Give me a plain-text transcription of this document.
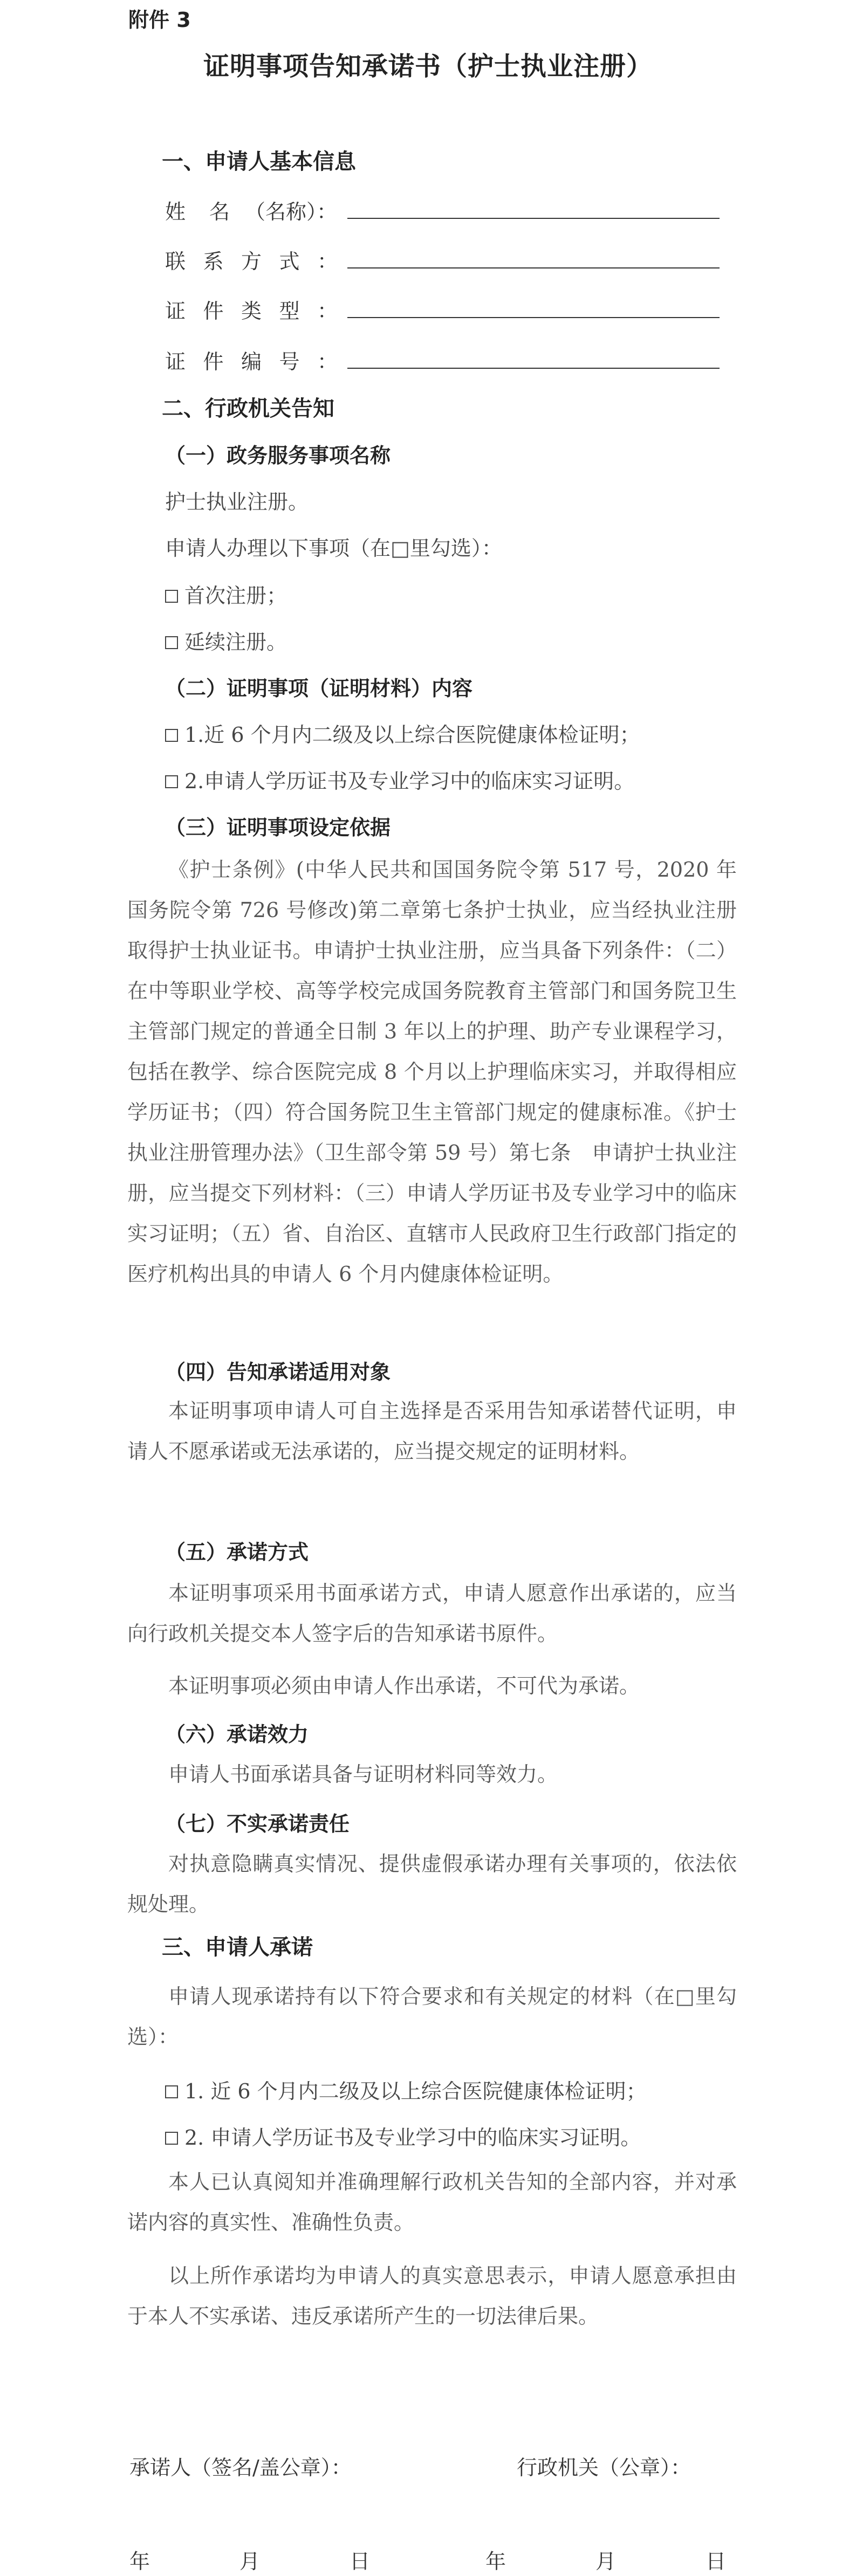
附件 3
证明事项告知承诺书（护士执业注册）
一、申请人基本信息
姓名 （名称）：
联系方式：
证件类型：
证件编号：
二、行政机关告知
（一）政务服务事项名称
护士执业注册。
申请人办理以下事项（在□里勾选）：
首次注册；
延续注册。
（二）证明事项（证明材料）内容
1.近 6 个月内二级及以上综合医院健康体检证明；
2.申请人学历证书及专业学习中的临床实习证明。
（三）证明事项设定依据
《护士条例》(中华人民共和国国务院令第 517 号，2020 年国务院令第 726 号修改)第二章第七条护士执业，应当经执业注册取得护士执业证书。申请护士执业注册，应当具备下列条件：（二）在中等职业学校、高等学校完成国务院教育主管部门和国务院卫生主管部门规定的普通全日制 3 年以上的护理、助产专业课程学习，包括在教学、综合医院完成 8 个月以上护理临床实习，并取得相应学历证书；（四）符合国务院卫生主管部门规定的健康标准。《护士执业注册管理办法》（卫生部令第 59 号）第七条　申请护士执业注册，应当提交下列材料：（三）申请人学历证书及专业学习中的临床实习证明；（五）省、自治区、直辖市人民政府卫生行政部门指定的医疗机构出具的申请人 6 个月内健康体检证明。
（四）告知承诺适用对象
本证明事项申请人可自主选择是否采用告知承诺替代证明，申请人不愿承诺或无法承诺的，应当提交规定的证明材料。
（五）承诺方式
本证明事项采用书面承诺方式，申请人愿意作出承诺的，应当向行政机关提交本人签字后的告知承诺书原件。
本证明事项必须由申请人作出承诺，不可代为承诺。
（六）承诺效力
申请人书面承诺具备与证明材料同等效力。
（七）不实承诺责任
对执意隐瞒真实情况、提供虚假承诺办理有关事项的，依法依规处理。
三、申请人承诺
申请人现承诺持有以下符合要求和有关规定的材料（在□里勾选）：
1. 近 6 个月内二级及以上综合医院健康体检证明；
2. 申请人学历证书及专业学习中的临床实习证明。
本人已认真阅知并准确理解行政机关告知的全部内容，并对承诺内容的真实性、准确性负责。
以上所作承诺均为申请人的真实意思表示，申请人愿意承担由于本人不实承诺、违反承诺所产生的一切法律后果。
承诺人（签名/盖公章）：	行政机关（公章）：
年　　月　　日	年　　月　　日
